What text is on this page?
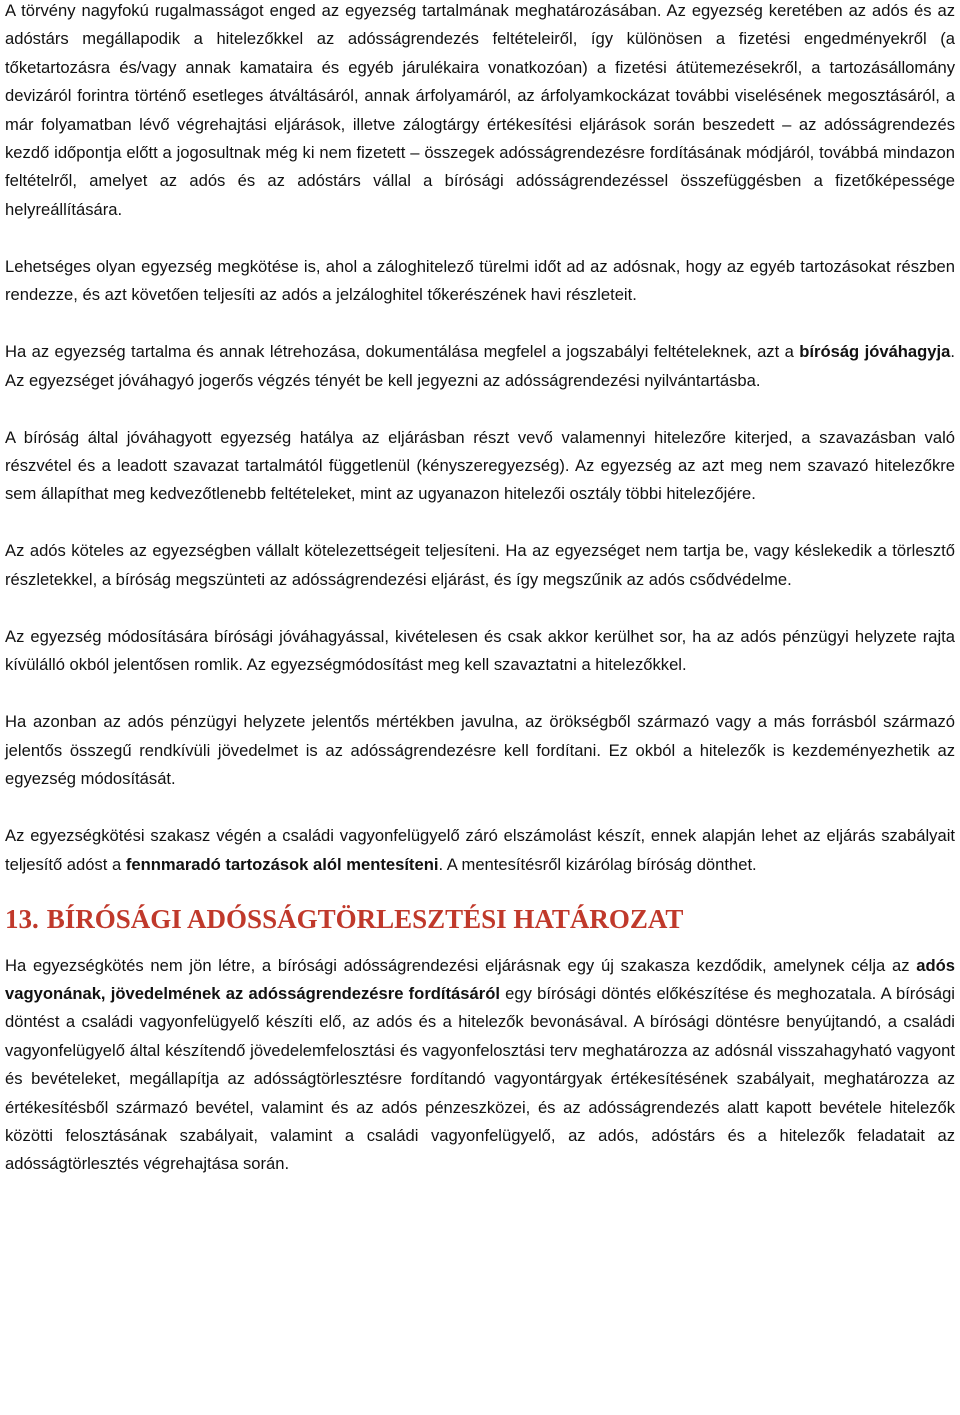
A törvény nagyfokú rugalmasságot enged az egyezség tartalmának meghatározásában. Az egyezség keretében az adós és az adóstárs megállapodik a hitelezőkkel az adósságrendezés feltételeiről, így különösen a fizetési engedményekről (a tőketartozásra és/vagy annak kamataira és egyéb járulékaira vonatkozóan) a fizetési átütemezésekről, a tartozásállomány devizáról forintra történő esetleges átváltásáról, annak árfolyamáról, az árfolyamkockázat további viselésének megosztásáról, a már folyamatban lévő végrehajtási eljárások, illetve zálogtárgy értékesítési eljárások során beszedett – az adósságrendezés kezdő időpontja előtt a jogosultnak még ki nem fizetett – összegek adósságrendezésre fordításának módjáról, továbbá mindazon feltételről, amelyet az adós és az adóstárs vállal a bírósági adósságrendezéssel összefüggésben a fizetőképessége helyreállítására.

Lehetséges olyan egyezség megkötése is, ahol a záloghitelező türelmi időt ad az adósnak, hogy az egyéb tartozásokat részben rendezze, és azt követően teljesíti az adós a jelzáloghitel tőkerészének havi részleteit.

Ha az egyezség tartalma és annak létrehozása, dokumentálása megfelel a jogszabályi feltételeknek, azt a bíróság jóváhagyja. Az egyezséget jóváhagyó jogerős végzés tényét be kell jegyezni az adósságrendezési nyilvántartásba.

A bíróság által jóváhagyott egyezség hatálya az eljárásban részt vevő valamennyi hitelezőre kiterjed, a szavazásban való részvétel és a leadott szavazat tartalmától függetlenül (kényszeregyezség). Az egyezség az azt meg nem szavazó hitelezőkre sem állapíthat meg kedvezőtlenebb feltételeket, mint az ugyanazon hitelezői osztály többi hitelezőjére.

Az adós köteles az egyezségben vállalt kötelezettségeit teljesíteni. Ha az egyezséget nem tartja be, vagy késlekedik a törlesztő részletekkel, a bíróság megszünteti az adósságrendezési eljárást, és így megszűnik az adós csődvédelme.

Az egyezség módosítására bírósági jóváhagyással, kivételesen és csak akkor kerülhet sor, ha az adós pénzügyi helyzete rajta kívülálló okból jelentősen romlik. Az egyezségmódosítást meg kell szavaztatni a hitelezőkkel.

Ha azonban az adós pénzügyi helyzete jelentős mértékben javulna, az örökségből származó vagy a más forrásból származó jelentős összegű rendkívüli jövedelmet is az adósságrendezésre kell fordítani. Ez okból a hitelezők is kezdeményezhetik az egyezség módosítását.

Az egyezségkötési szakasz végén a családi vagyonfelügyelő záró elszámolást készít, ennek alapján lehet az eljárás szabályait teljesítő adóst a fennmaradó tartozások alól mentesíteni. A mentesítésről kizárólag bíróság dönthet.

13. BÍRÓSÁGI ADÓSSÁGTÖRLESZTÉSI HATÁROZAT

Ha egyezségkötés nem jön létre, a bírósági adósságrendezési eljárásnak egy új szakasza kezdődik, amelynek célja az adós vagyonának, jövedelmének az adósságrendezésre fordításáról egy bírósági döntés előkészítése és meghozatala. A bírósági döntést a családi vagyonfelügyelő készíti elő, az adós és a hitelezők bevonásával. A bírósági döntésre benyújtandó, a családi vagyonfelügyelő által készítendő jövedelemfelosztási és vagyonfelosztási terv meghatározza az adósnál visszahagyható vagyont és bevételeket, megállapítja az adósságtörlesztésre fordítandó vagyontárgyak értékesítésének szabályait, meghatározza az értékesítésből származó bevétel, valamint és az adós pénzeszközei, és az adósságrendezés alatt kapott bevétele hitelezők közötti felosztásának szabályait, valamint a családi vagyonfelügyelő, az adós, adóstárs és a hitelezők feladatait az adósságtörlesztés végrehajtása során.
